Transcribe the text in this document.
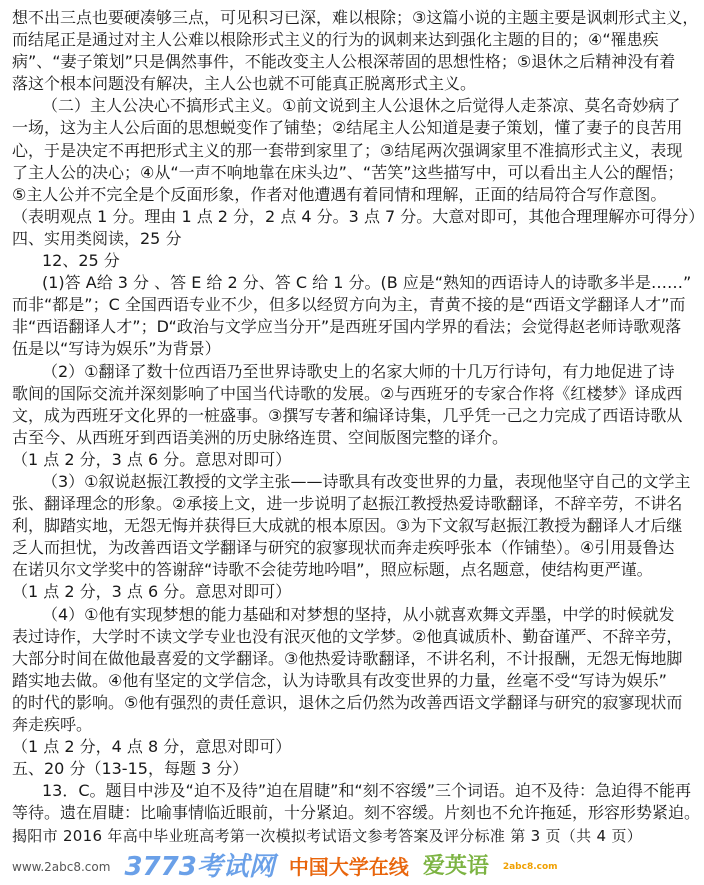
想不出三点也要硬凑够三点，可见积习已深，难以根除；③这篇小说的主题主要是讽刺形式主义，
而结尾正是通过对主人公难以根除形式主义的行为的讽刺来达到强化主题的目的；④“罹患疾
病”、“妻子策划”只是偶然事件，不能改变主人公根深蒂固的思想性格；⑤退休之后精神没有着
落这个根本问题没有解决，主人公也就不可能真正脱离形式主义。
（二）主人公决心不搞形式主义。①前文说到主人公退休之后觉得人走茶凉、莫名奇妙病了
一场，这为主人公后面的思想蜕变作了铺垫；②结尾主人公知道是妻子策划，懂了妻子的良苦用
心，于是决定不再把形式主义的那一套带到家里了；③结尾两次强调家里不准搞形式主义，表现
了主人公的决心；④从“一声不响地靠在床头边”、“苦笑”这些描写中，可以看出主人公的醒悟；
⑤主人公并不完全是个反面形象，作者对他遭遇有着同情和理解，正面的结局符合写作意图。
（表明观点 1 分。理由 1 点 2 分，2 点 4 分。3 点 7 分。大意对即可，其他合理理解亦可得分）
四、实用类阅读，25 分
12、25 分
(1)答 A给 3 分 、答 E 给 2 分、答 C 给 1 分。(B 应是“熟知的西语诗人的诗歌多半是……”
而非“都是”；C 全国西语专业不少，但多以经贸方向为主，青黄不接的是“西语文学翻译人才”而
非“西语翻译人才”；D“政治与文学应当分开”是西班牙国内学界的看法；会觉得赵老师诗歌观落
伍是以“写诗为娱乐”为背景）
（2）①翻译了数十位西语乃至世界诗歌史上的名家大师的十几万行诗句，有力地促进了诗
歌间的国际交流并深刻影响了中国当代诗歌的发展。②与西班牙的专家合作将《红楼梦》译成西
文，成为西班牙文化界的一桩盛事。③撰写专著和编译诗集，几乎凭一己之力完成了西语诗歌从
古至今、从西班牙到西语美洲的历史脉络连贯、空间版图完整的译介。
（1 点 2 分，3 点 6 分。意思对即可）
（3）①叙说赵振江教授的文学主张——诗歌具有改变世界的力量，表现他坚守自己的文学主
张、翻译理念的形象。②承接上文，进一步说明了赵振江教授热爱诗歌翻译，不辞辛劳，不讲名
利，脚踏实地，无怨无悔并获得巨大成就的根本原因。③为下文叙写赵振江教授为翻译人才后继
乏人而担忧，为改善西语文学翻译与研究的寂寥现状而奔走疾呼张本（作铺垫）。④引用聂鲁达
在诺贝尔文学奖中的答谢辞“诗歌不会徒劳地吟唱”，照应标题，点名题意，使结构更严谨。
（1 点 2 分，3 点 6 分。意思对即可）
（4）①他有实现梦想的能力基础和对梦想的坚持，从小就喜欢舞文弄墨，中学的时候就发
表过诗作，大学时不读文学专业也没有泯灭他的文学梦。②他真诚质朴、勤奋谨严、不辞辛劳，
大部分时间在做他最喜爱的文学翻译。③他热爱诗歌翻译，不讲名利，不计报酬，无怨无悔地脚
踏实地去做。④他有坚定的文学信念，认为诗歌具有改变世界的力量，丝毫不受“写诗为娱乐”
的时代的影响。⑤他有强烈的责任意识，退休之后仍然为改善西语文学翻译与研究的寂寥现状而
奔走疾呼。
（1 点 2 分，4 点 8 分，意思对即可）
五、20 分（13-15，每题 3 分）
13．C。题目中涉及“迫不及待”迫在眉睫”和“刻不容缓”三个词语。迫不及待：急迫得不能再
等待。遗在眉睫：比喻事情临近眼前，十分紧迫。刻不容缓。片刻也不允许拖延，形容形势紧迫。
揭阳市 2016 年高中毕业班高考第一次模拟考试语文参考答案及评分标准 第 3 页（共 4 页）
www.2abc8.com 3773考试网 中国大学在线 爱英语 2abc8.com
